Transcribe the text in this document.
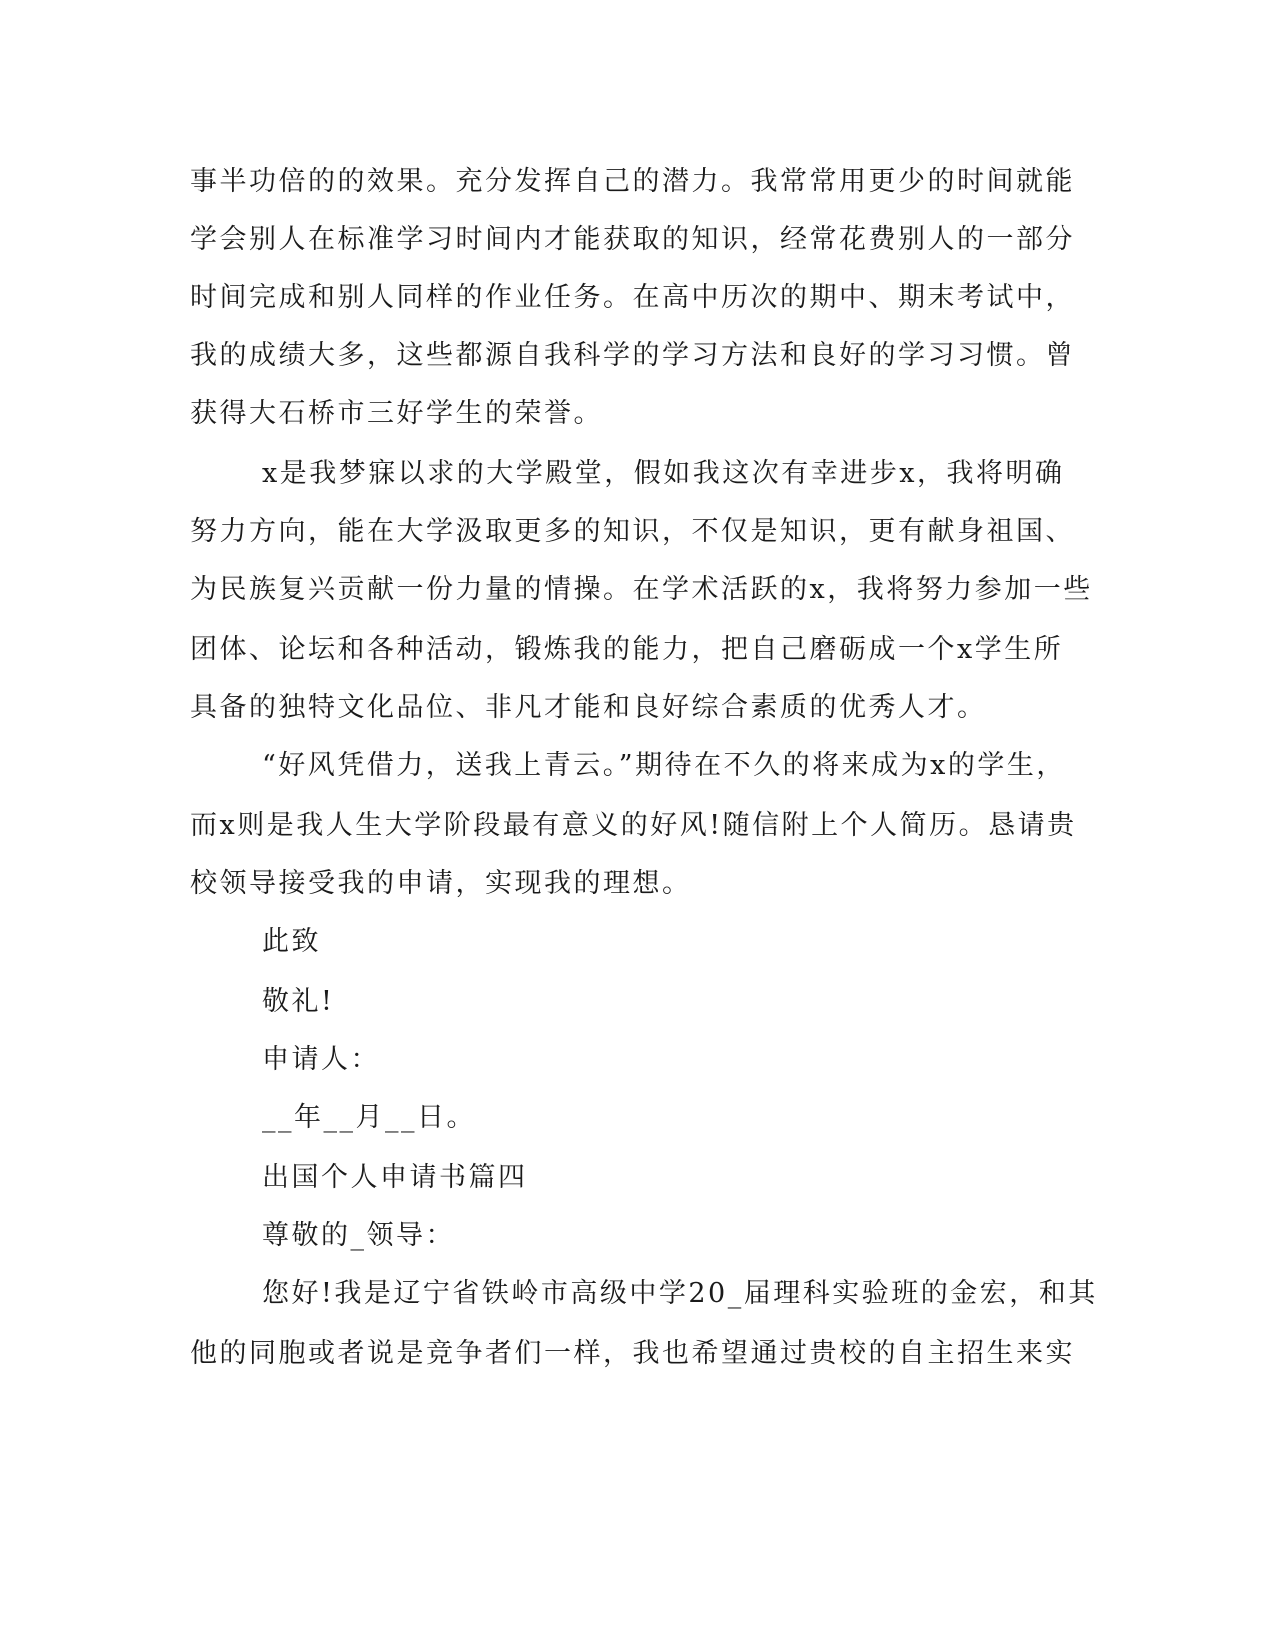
事半功倍的的效果。充分发挥自己的潜力。我常常用更少的时间就能

学会别人在标准学习时间内才能获取的知识，经常花费别人的一部分

时间完成和别人同样的作业任务。在高中历次的期中、期末考试中，

我的成绩大多，这些都源自我科学的学习方法和良好的学习习惯。曾

获得大石桥市三好学生的荣誉。

x是我梦寐以求的大学殿堂，假如我这次有幸进步x，我将明确

努力方向，能在大学汲取更多的知识，不仅是知识，更有献身祖国、

为民族复兴贡献一份力量的情操。在学术活跃的x，我将努力参加一些

团体、论坛和各种活动，锻炼我的能力，把自己磨砺成一个x学生所

具备的独特文化品位、非凡才能和良好综合素质的优秀人才。

“好风凭借力，送我上青云。”期待在不久的将来成为x的学生，

而x则是我人生大学阶段最有意义的好风!随信附上个人简历。恳请贵

校领导接受我的申请，实现我的理想。

此致

敬礼!

申请人：

__年__月__日。

出国个人申请书篇四

尊敬的_领导：

您好!我是辽宁省铁岭市高级中学20_届理科实验班的金宏，和其

他的同胞或者说是竞争者们一样，我也希望通过贵校的自主招生来实
